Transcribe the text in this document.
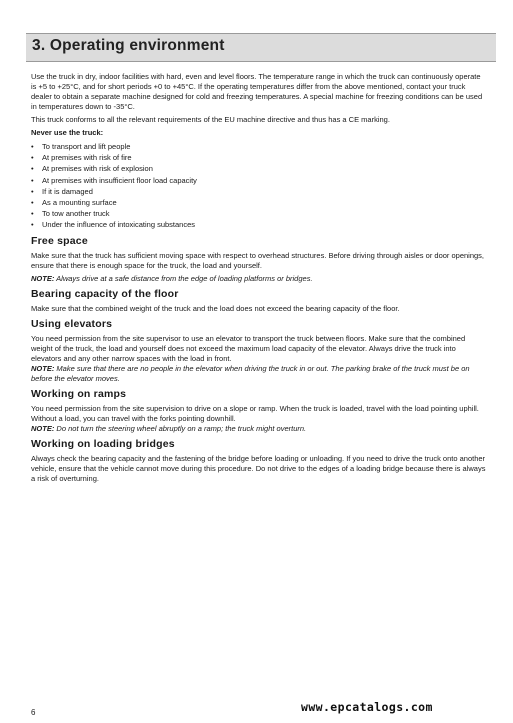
3. Operating environment

Use the truck in dry, indoor facilities with hard, even and level floors. The temperature range in which the truck can continuously operate is +5 to +25°C, and for short periods +0 to +45°C. If the operating temperatures differ from the above mentioned, contact your truck dealer to obtain a separate machine designed for cold and freezing temperatures. A special machine for freezing conditions can be used in temperatures down to -35°C.

This truck conforms to all the relevant requirements of the EU machine directive and thus has a CE marking.

Never use the truck:

• To transport and lift people
• At premises with risk of fire
• At premises with risk of explosion
• At premises with insufficient floor load capacity
• If it is damaged
• As a mounting surface
• To tow another truck
• Under the influence of intoxicating substances
Free space

Make sure that the truck has sufficient moving space with respect to overhead structures. Before driving through aisles or door openings, ensure that there is enough space for the truck, the load and yourself.

NOTE: Always drive at a safe distance from the edge of loading platforms or bridges.

Bearing capacity of the floor

Make sure that the combined weight of the truck and the load does not exceed the bearing capacity of the floor.

Using elevators

You need permission from the site supervisor to use an elevator to transport the truck between floors. Make sure that the combined weight of the truck, the load and yourself does not exceed the maximum load capacity of the elevator. Always drive the truck into elevators and any other narrow spaces with the load in front.

NOTE: Make sure that there are no people in the elevator when driving the truck in or out. The parking brake of the truck must be on before the elevator moves.

Working on ramps

You need permission from the site supervision to drive on a slope or ramp. When the truck is loaded, travel with the load pointing uphill. Without a load, you can travel with the forks pointing downhill.

NOTE: Do not turn the steering wheel abruptly on a ramp; the truck might overturn.

Working on loading bridges

Always check the bearing capacity and the fastening of the bridge before loading or unloading. If you need to drive the truck onto another vehicle, ensure that the vehicle cannot move during this procedure. Do not drive to the edges of a loading bridge because there is always a risk of overturning.

6	www.epcatalogs.com
